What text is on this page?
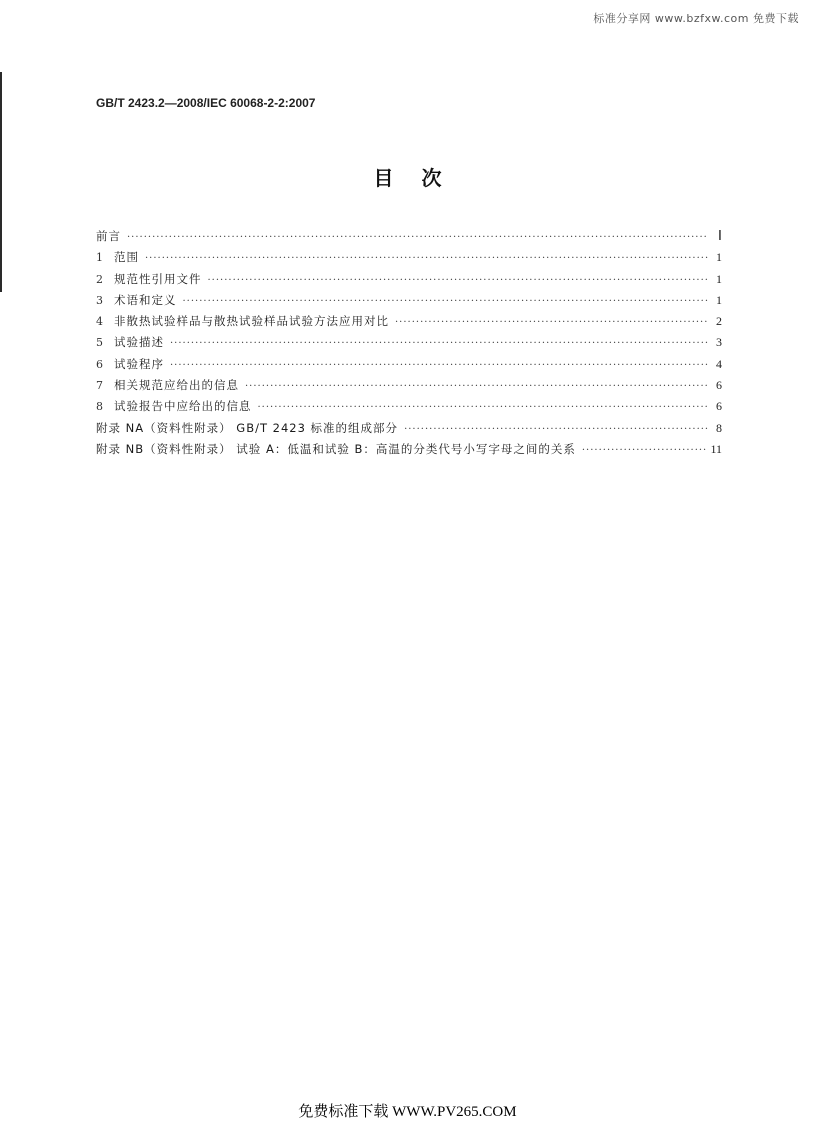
标准分享网 www.bzfxw.com 免费下载
GB/T 2423.2—2008/IEC 60068-2-2:2007
目次
前言 ·····	Ⅰ
1 范围 ·····	1
2 规范性引用文件 ·····	1
3 术语和定义 ·····	1
4 非散热试验样品与散热试验样品试验方法应用对比 ·····	2
5 试验描述 ·····	3
6 试验程序 ·····	4
7 相关规范应给出的信息 ·····	6
8 试验报告中应给出的信息 ·····	6
附录 NA（资料性附录） GB/T 2423 标准的组成部分 ·····	8
附录 NB（资料性附录） 试验 A：低温和试验 B：高温的分类代号小写字母之间的关系 ·····	11
免费标准下载 WWW.PV265.COM
